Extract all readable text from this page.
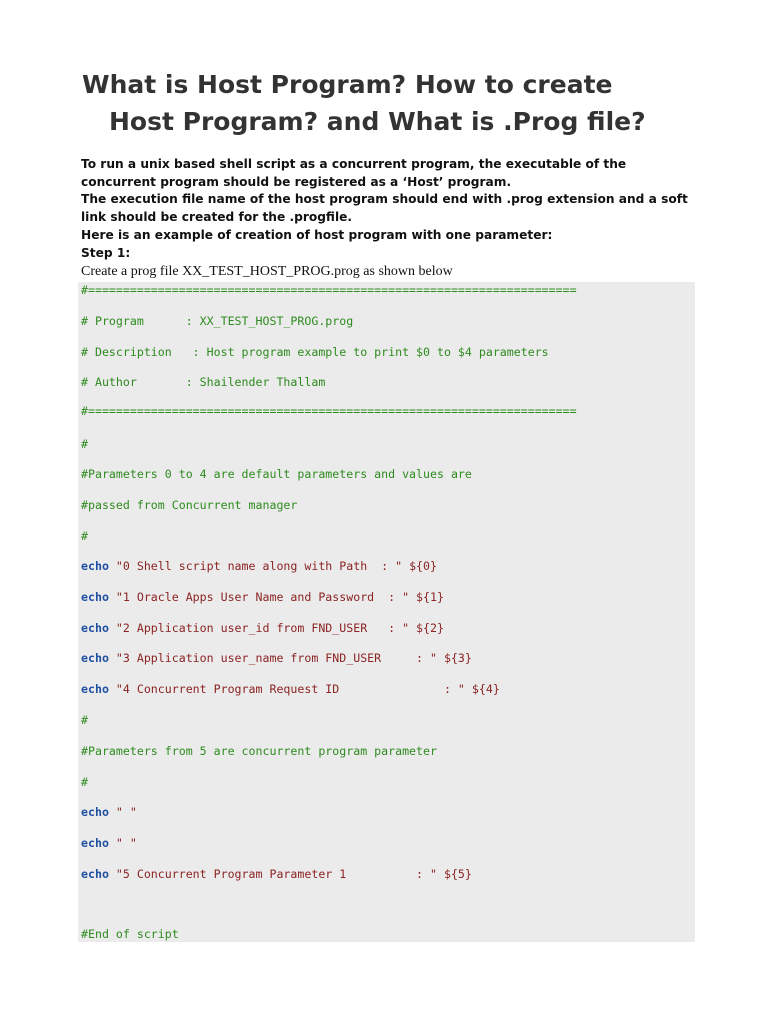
What is Host Program? How to create

Host Program? and What is .Prog file?

To run a unix based shell script as a concurrent program, the executable of the concurrent program should be registered as a ‘Host’ program.

The execution file name of the host program should end with .prog extension and a soft link should be created for the .progfile.

Here is an example of creation of host program with one parameter:

Step 1:

Create a prog file XX_TEST_HOST_PROG.prog as shown below
#======================================================================
# Program      : XX_TEST_HOST_PROG.prog
# Description   : Host program example to print $0 to $4 parameters
# Author       : Shailender Thallam
#======================================================================
#
#Parameters 0 to 4 are default parameters and values are
#passed from Concurrent manager
#
echo "0 Shell script name along with Path  : " ${0}
echo "1 Oracle Apps User Name and Password  : " ${1}
echo "2 Application user_id from FND_USER   : " ${2}
echo "3 Application user_name from FND_USER     : " ${3}
echo "4 Concurrent Program Request ID               : " ${4}
#
#Parameters from 5 are concurrent program parameter
#
echo " "
echo " "
echo "5 Concurrent Program Parameter 1          : " ${5}
#End of script
